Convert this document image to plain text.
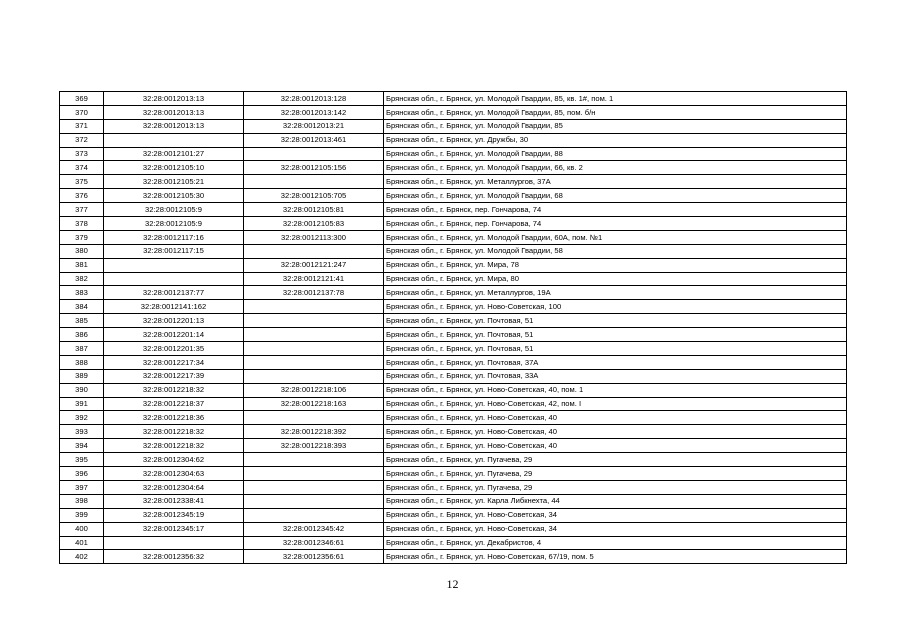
369	32:28:0012013:13	32:28:0012013:128	Брянская обл., г. Брянск, ул. Молодой Гвардии, 85, кв. 1#, пом. 1
370	32:28:0012013:13	32:28:0012013:142	Брянская обл., г. Брянск, ул. Молодой Гвардии, 85, пом. б/н
371	32:28:0012013:13	32:28:0012013:21	Брянская обл., г. Брянск, ул. Молодой Гвардии, 85
372		32:28:0012013:461	Брянская обл., г. Брянск, ул. Дружбы, 30
373	32:28:0012101:27		Брянская обл., г. Брянск, ул. Молодой Гвардии, 88
374	32:28:0012105:10	32:28:0012105:156	Брянская обл., г. Брянск, ул. Молодой Гвардии, 66, кв. 2
375	32:28:0012105:21		Брянская обл., г. Брянск, ул. Металлургов, 37А
376	32:28:0012105:30	32:28:0012105:705	Брянская обл., г. Брянск, ул. Молодой Гвардии, 68
377	32:28:0012105:9	32:28:0012105:81	Брянская обл., г. Брянск, пер. Гончарова, 74
378	32:28:0012105:9	32:28:0012105:83	Брянская обл., г. Брянск, пер. Гончарова, 74
379	32:28:0012117:16	32:28:0012113:300	Брянская обл., г. Брянск, ул. Молодой Гвардии, 60А, пом. №1
380	32:28:0012117:15		Брянская обл., г. Брянск, ул. Молодой Гвардии, 58
381		32:28:0012121:247	Брянская обл., г. Брянск, ул. Мира, 78
382		32:28:0012121:41	Брянская обл., г. Брянск, ул. Мира, 80
383	32:28:0012137:77	32:28:0012137:78	Брянская обл., г. Брянск, ул. Металлургов, 19А
384	32:28:0012141:162		Брянская обл., г. Брянск, ул. Ново-Советская, 100
385	32:28:0012201:13		Брянская обл., г. Брянск, ул. Почтовая, 51
386	32:28:0012201:14		Брянская обл., г. Брянск, ул. Почтовая, 51
387	32:28:0012201:35		Брянская обл., г. Брянск, ул. Почтовая, 51
388	32:28:0012217:34		Брянская обл., г. Брянск, ул. Почтовая, 37А
389	32:28:0012217:39		Брянская обл., г. Брянск, ул. Почтовая, 33А
390	32:28:0012218:32	32:28:0012218:106	Брянская обл., г. Брянск, ул. Ново-Советская, 40, пом. 1
391	32:28:0012218:37	32:28:0012218:163	Брянская обл., г. Брянск, ул. Ново-Советская, 42, пом. I
392	32:28:0012218:36		Брянская обл., г. Брянск, ул. Ново-Советская, 40
393	32:28:0012218:32	32:28:0012218:392	Брянская обл., г. Брянск, ул. Ново-Советская, 40
394	32:28:0012218:32	32:28:0012218:393	Брянская обл., г. Брянск, ул. Ново-Советская, 40
395	32:28:0012304:62		Брянская обл., г. Брянск, ул. Пугачева, 29
396	32:28:0012304:63		Брянская обл., г. Брянск, ул. Пугачева, 29
397	32:28:0012304:64		Брянская обл., г. Брянск, ул. Пугачева, 29
398	32:28:0012338:41		Брянская обл., г. Брянск, ул. Карла Либкнехта, 44
399	32:28:0012345:19		Брянская обл., г. Брянск, ул. Ново-Советская, 34
400	32:28:0012345:17	32:28:0012345:42	Брянская обл., г. Брянск, ул. Ново-Советская, 34
401		32:28:0012346:61	Брянская обл., г. Брянск, ул. Декабристов, 4
402	32:28:0012356:32	32:28:0012356:61	Брянская обл., г. Брянск, ул. Ново-Советская, 67/19, пом. 5
12
